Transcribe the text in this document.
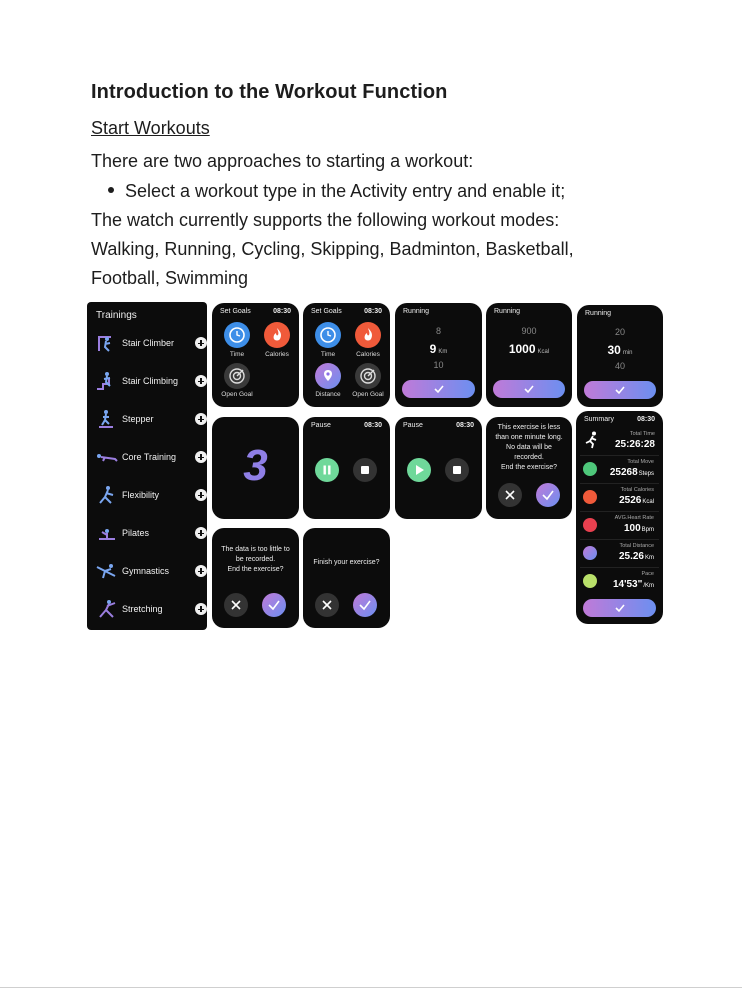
Introduction to the Workout Function
Start Workouts
There are two approaches to starting a workout:
Select a workout type in the Activity entry and enable it;
The watch currently supports the following workout modes:
Walking, Running, Cycling, Skipping, Badminton, Basketball,
Football, Swimming
Trainings
Stair Climber
Stair Climbing
Stepper
Core Training
Flexibility
Pilates
Gymnastics
Stretching
Set Goals	08:30
Time	Calories
Open Goal
Set Goals	08:30
Time	Calories
Distance	Open Goal
Running
8
9 Km
10
Running
900
1000 Kcal
Running
20
30 min
40
3
Pause	08:30	Pause	08:30	This exercise is less
than one minute long.
No data will be
recorded.
End the exercise?
Summary	08:30
Total Time
25:26:28
Total Move
25268Steps
Total Calories
2526Kcal
AVG.Heart Rate
100Bpm
Total Distance
25.26Km
Pace
14'53"/Km
The data is too little to
be recorded.
End the exercise?
Finish your exercise?
